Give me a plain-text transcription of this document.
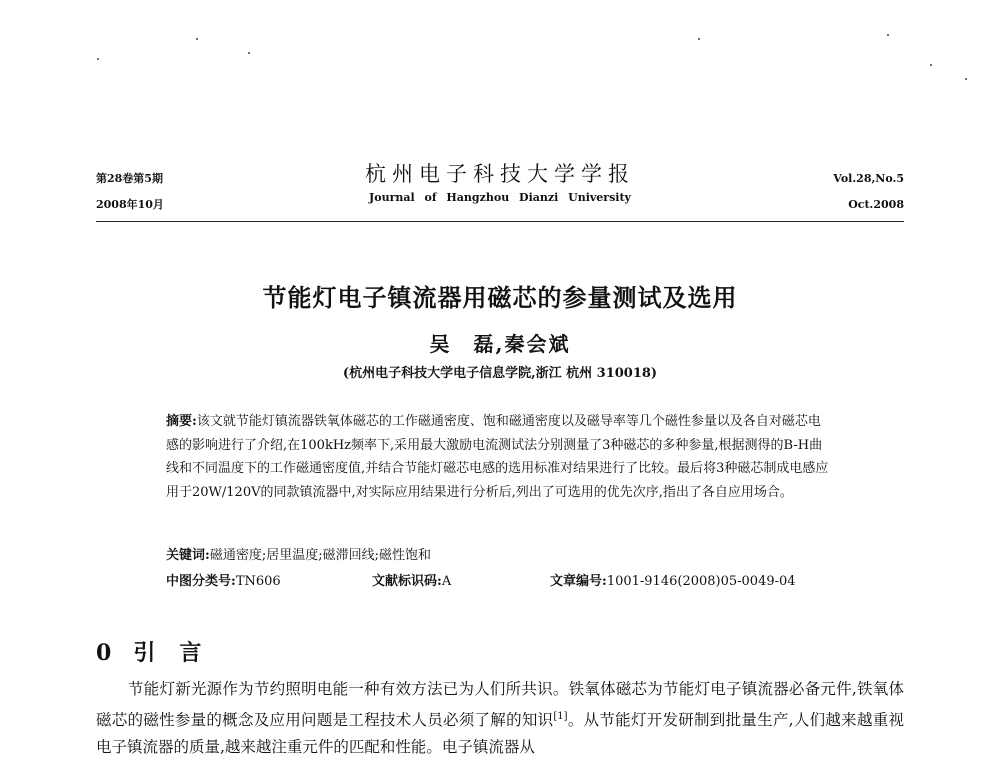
第28卷第5期
2008年10月
杭州电子科技大学学报
Journal of Hangzhou Dianzi University
Vol.28,No.5
Oct.2008
节能灯电子镇流器用磁芯的参量测试及选用
吴　磊,秦会斌
(杭州电子科技大学电子信息学院,浙江 杭州 310018)
摘要:该文就节能灯镇流器铁氧体磁芯的工作磁通密度、饱和磁通密度以及磁导率等几个磁性参量以及各自对磁芯电感的影响进行了介绍,在100kHz频率下,采用最大激励电流测试法分别测量了3种磁芯的多种参量,根据测得的B-H曲线和不同温度下的工作磁通密度值,并结合节能灯磁芯电感的选用标准对结果进行了比较。最后将3种磁芯制成电感应用于20W/120V的同款镇流器中,对实际应用结果进行分析后,列出了可选用的优先次序,指出了各自应用场合。
关键词:磁通密度;居里温度;磁滞回线;磁性饱和
中图分类号: TN606	文献标识码: A	文章编号: 1001-9146(2008)05-0049-04
0 引言
节能灯新光源作为节约照明电能一种有效方法已为人们所共识。铁氧体磁芯为节能灯电子镇流器必备元件,铁氧体磁芯的磁性参量的概念及应用问题是工程技术人员必须了解的知识[1]。从节能灯开发研制到批量生产,人们越来越重视电子镇流器的质量,越来越注重元件的匹配和性能。电子镇流器从
